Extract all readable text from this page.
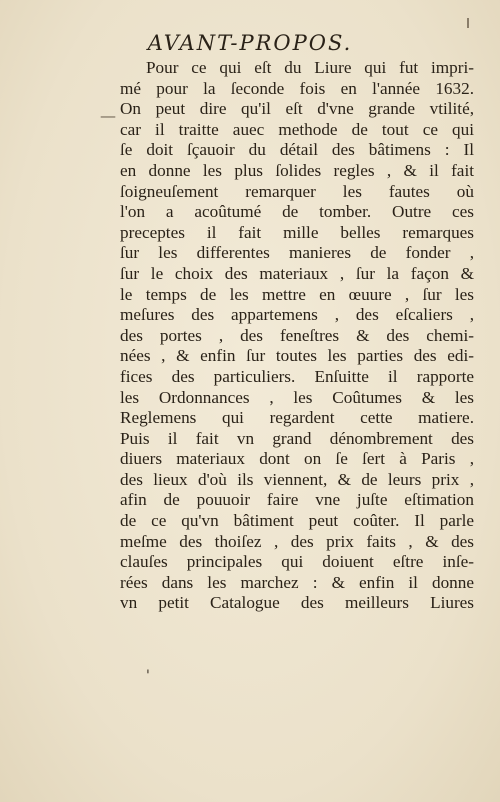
AVANT-PROPOS.
—
Pour ce qui eſt du Liure qui fut impri-
mé pour la ſeconde fois en l'année 1632.
On peut dire qu'il eſt d'vne grande vtilité,
car il traitte auec methode de tout ce qui
ſe doit ſçauoir du détail des bâtimens : Il
en donne les plus ſolides regles , & il fait
ſoigneuſement remarquer les fautes où
l'on a acoûtumé de tomber. Outre ces
preceptes il fait mille belles remarques
ſur les differentes manieres de fonder ,
ſur le choix des materiaux , ſur la façon &
le temps de les mettre en œuure , ſur les
meſures des appartemens , des eſcaliers ,
des portes , des feneſtres & des chemi-
nées , & enfin ſur toutes les parties des edi-
fices des particuliers. Enſuitte il rapporte
les Ordonnances , les Coûtumes & les
Reglemens qui regardent cette matiere.
Puis il fait vn grand dénombrement des
diuers materiaux dont on ſe ſert à Paris ,
des lieux d'où ils viennent, & de leurs prix ,
afin de pouuoir faire vne juſte eſtimation
de ce qu'vn bâtiment peut coûter. Il parle
meſme des thoiſez , des prix faits , & des
clauſes principales qui doiuent eſtre inſe-
rées dans les marchez : & enfin il donne
vn petit Catalogue des meilleurs Liures
'
